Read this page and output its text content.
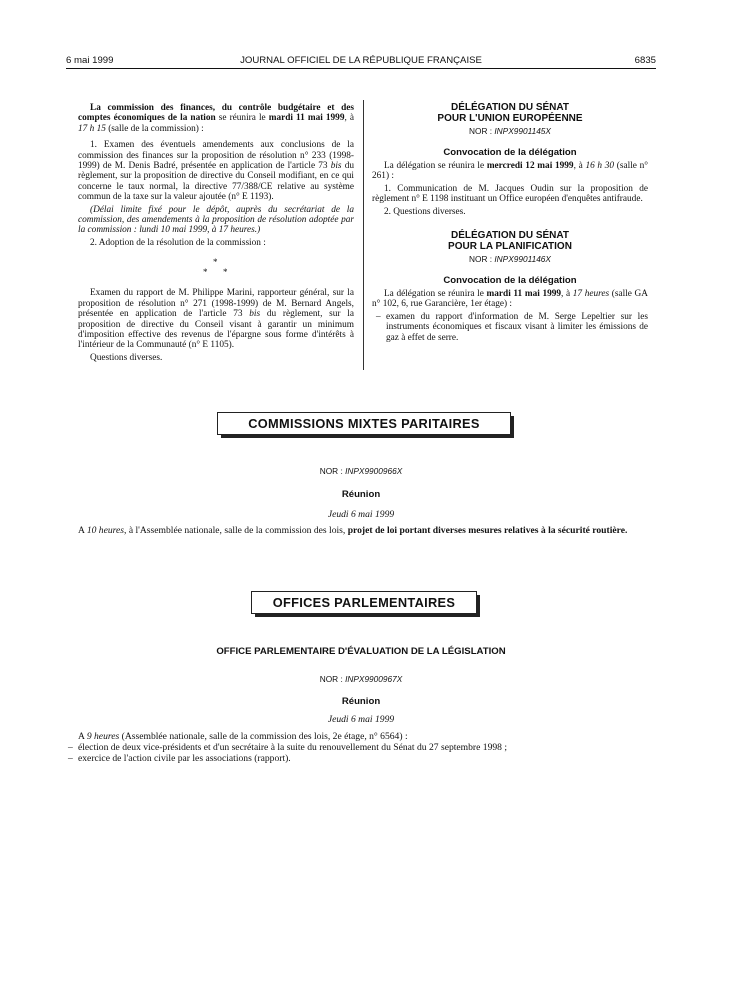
6 mai 1999	JOURNAL OFFICIEL DE LA RÉPUBLIQUE FRANÇAISE	6835

La commission des finances, du contrôle budgétaire et des comptes économiques de la nation se réunira le mardi 11 mai 1999, à 17 h 15 (salle de la commission) :

1. Examen des éventuels amendements aux conclusions de la commission des finances sur la proposition de résolution n° 233 (1998-1999) de M. Denis Badré, présentée en application de l'article 73 bis du règlement, sur la proposition de directive du Conseil modifiant, en ce qui concerne le taux normal, la directive 77/388/CE relative au système commun de la taxe sur la valeur ajoutée (n° E 1193).

(Délai limite fixé pour le dépôt, auprès du secrétariat de la commission, des amendements à la proposition de résolution adoptée par la commission : lundi 10 mai 1999, à 17 heures.)

2. Adoption de la résolution de la commission :

*
* *

Examen du rapport de M. Philippe Marini, rapporteur général, sur la proposition de résolution n° 271 (1998-1999) de M. Bernard Angels, présentée en application de l'article 73 bis du règlement, sur la proposition de directive du Conseil visant à garantir un minimum d'imposition effective des revenus de l'épargne sous forme d'intérêts à l'intérieur de la Communauté (n° E 1105).

Questions diverses.

DÉLÉGATION DU SÉNAT
POUR L'UNION EUROPÉENNE
NOR : INPX9901145X
Convocation de la délégation

La délégation se réunira le mercredi 12 mai 1999, à 16 h 30 (salle n° 261) :

1. Communication de M. Jacques Oudin sur la proposition de règlement n° E 1198 instituant un Office européen d'enquêtes antifraude.

2. Questions diverses.

DÉLÉGATION DU SÉNAT
POUR LA PLANIFICATION
NOR : INPX9901146X
Convocation de la délégation

La délégation se réunira le mardi 11 mai 1999, à 17 heures (salle GA n° 102, 6, rue Garancière, 1er étage) :

– examen du rapport d'information de M. Serge Lepeltier sur les instruments économiques et fiscaux visant à limiter les émissions de gaz à effet de serre.
COMMISSIONS MIXTES PARITAIRES
NOR : INPX9900966X
Réunion
Jeudi 6 mai 1999

A 10 heures, à l'Assemblée nationale, salle de la commission des lois, projet de loi portant diverses mesures relatives à la sécurité routière.

OFFICES PARLEMENTAIRES
OFFICE PARLEMENTAIRE D'ÉVALUATION DE LA LÉGISLATION
NOR : INPX9900967X
Réunion
Jeudi 6 mai 1999

A 9 heures (Assemblée nationale, salle de la commission des lois, 2e étage, n° 6564) :

– élection de deux vice-présidents et d'un secrétaire à la suite du renouvellement du Sénat du 27 septembre 1998 ;
– exercice de l'action civile par les associations (rapport).
